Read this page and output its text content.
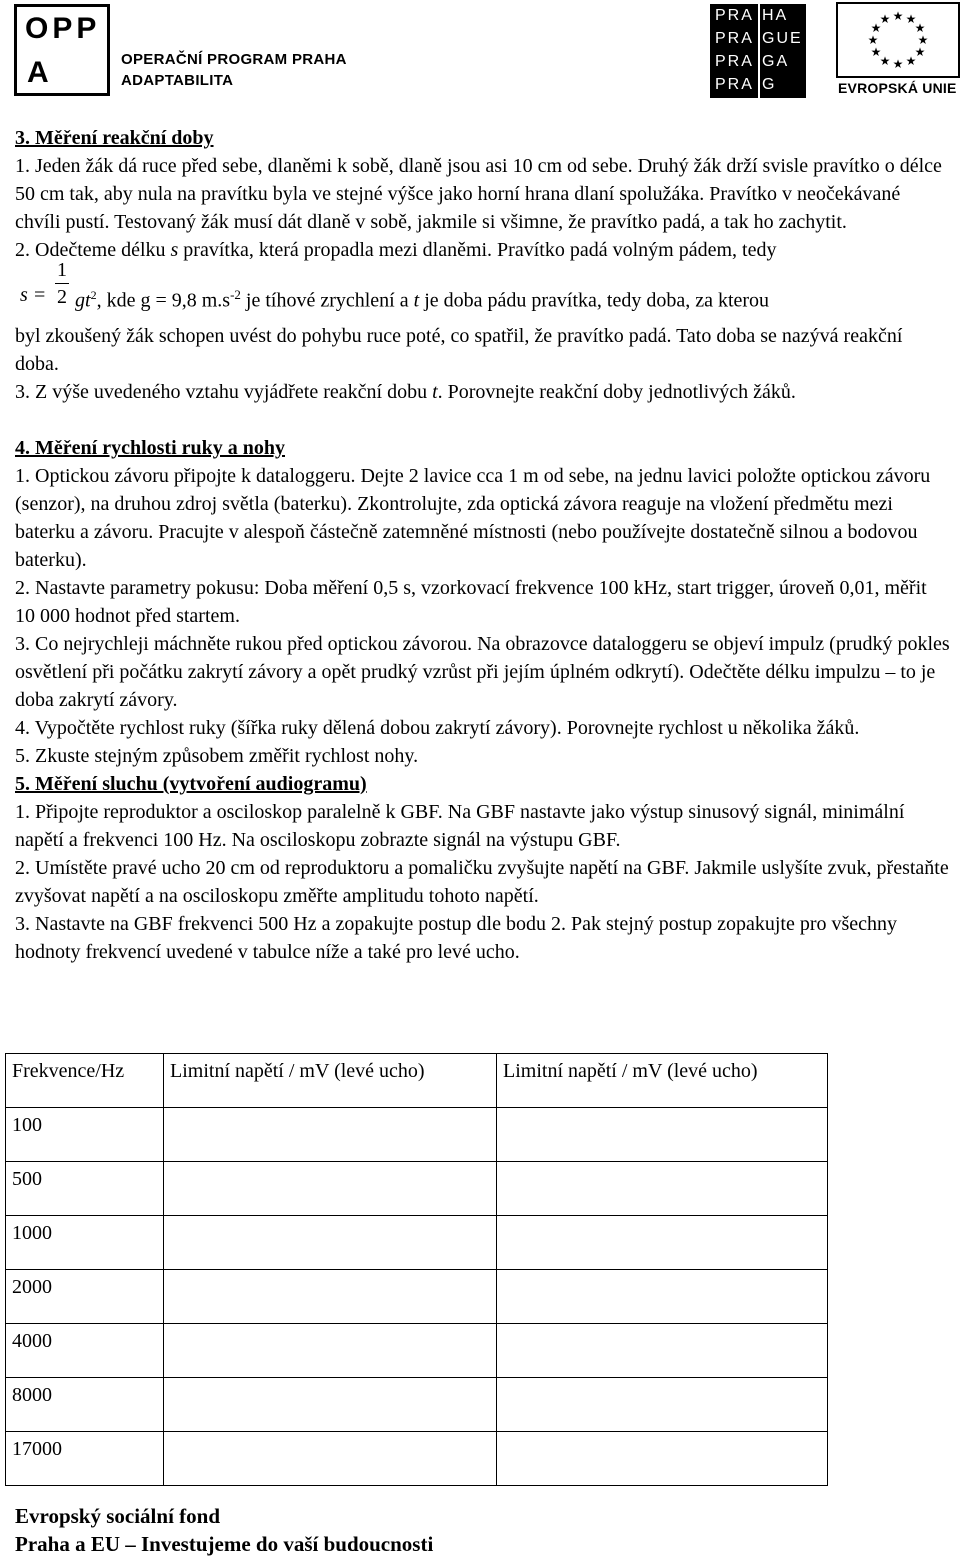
OPP
A	OPERAČNÍ PROGRAM PRAHA
ADAPTABILITA
PRA HA
PRA GUE
PRA GA
PRA G
★ ★
★
★
★
★
★
★
★
★
★
★
EVROPSKÁ UNIE

3. Měření reakční doby

1. Jeden žák dá ruce před sebe, dlaněmi k sobě, dlaně jsou asi 10 cm od sebe. Druhý žák drží svisle pravítko o délce 50 cm tak, aby nula na pravítku byla ve stejné výšce jako horní hrana dlaní spolužáka. Pravítko v neočekávané chvíli pustí. Testovaný žák musí dát dlaně v sobě, jakmile si všimne, že pravítko padá, a tak ho zachytit.

2. Odečteme délku s pravítka, která propadla mezi dlaněmi. Pravítko padá volným pádem, tedy

s =
1
2 $gt^2$, kde g = 9,8 $m.s^{-2}$ je tíhové zrychlení a t je doba pádu pravítka, tedy doba, za kterou

byl zkoušený žák schopen uvést do pohybu ruce poté, co spatřil, že pravítko padá. Tato doba se nazývá reakční doba.

3. Z výše uvedeného vztahu vyjádřete reakční dobu t. Porovnejte reakční doby jednotlivých žáků.

4. Měření rychlosti ruky a nohy

1. Optickou závoru připojte k dataloggeru. Dejte 2 lavice cca 1 m od sebe, na jednu lavici položte optickou závoru (senzor), na druhou zdroj světla (baterku). Zkontrolujte, zda optická závora reaguje na vložení předmětu mezi baterku a závoru. Pracujte v alespoň částečně zatemněné místnosti (nebo používejte dostatečně silnou a bodovou baterku).

2. Nastavte parametry pokusu: Doba měření 0,5 s, vzorkovací frekvence 100 kHz, start trigger, úroveň 0,01, měřit 10 000 hodnot před startem.

3. Co nejrychleji máchněte rukou před optickou závorou. Na obrazovce dataloggeru se objeví impulz (prudký pokles osvětlení při počátku zakrytí závory a opět prudký vzrůst při jejím úplném odkrytí). Odečtěte délku impulzu – to je doba zakrytí závory.

4. Vypočtěte rychlost ruky (šířka ruky dělená dobou zakrytí závory). Porovnejte rychlost u několika žáků.

5. Zkuste stejným způsobem změřit rychlost nohy.

5. Měření sluchu (vytvoření audiogramu)

1. Připojte reproduktor a osciloskop paralelně k GBF. Na GBF nastavte jako výstup sinusový signál, minimální napětí a frekvenci 100 Hz. Na osciloskopu zobrazte signál na výstupu GBF.

2. Umístěte pravé ucho 20 cm od reproduktoru a pomaličku zvyšujte napětí na GBF. Jakmile uslyšíte zvuk, přestaňte zvyšovat napětí a na osciloskopu změřte amplitudu tohoto napětí.

3. Nastavte na GBF frekvenci 500 Hz a zopakujte postup dle bodu 2. Pak stejný postup zopakujte pro všechny hodnoty frekvencí uvedené v tabulce níže a také pro levé ucho.

Frekvence/Hz	Limitní napětí / mV (levé ucho)	Limitní napětí / mV (levé ucho)
100		
500		
1000		
2000		
4000		
8000		
17000		
Evropský sociální fond
Praha a EU – Investujeme do vaší budoucnosti
